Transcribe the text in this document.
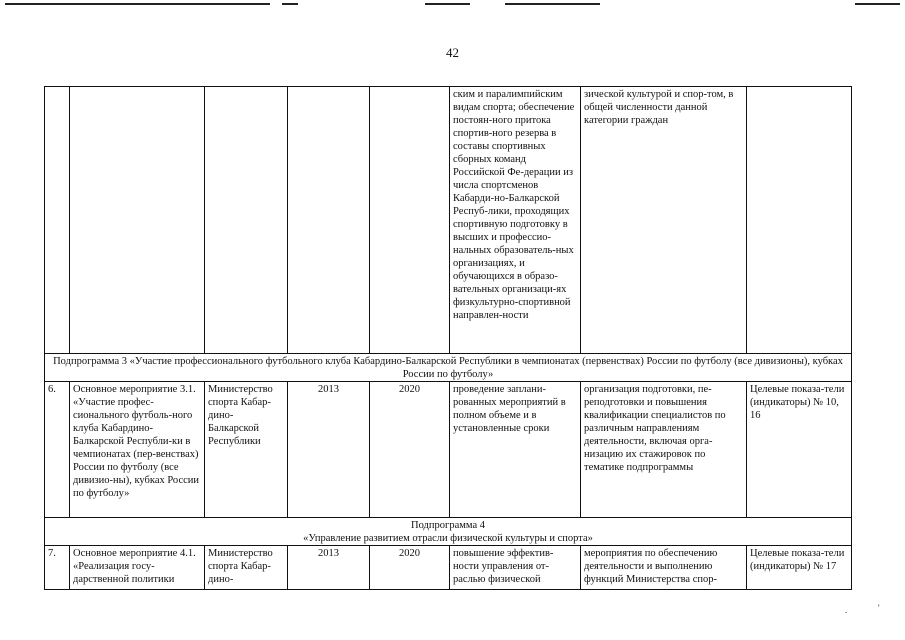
42
					ским и паралимпийским видам спорта; обеспечение постоян-ного притока спортив-ного резерва в составы спортивных сборных команд Российской Фе-дерации из числа спортсменов Кабарди-но-Балкарской Респуб-лики, проходящих спортивную подготовку в высших и профессио-нальных образователь-ных организациях, и обучающихся в образо-вательных организаци-ях физкультурно-спортивной направлен-ности	зической культурой и спор-том, в общей численности данной категории граждан	
Подпрограмма 3 «Участие профессионального футбольного клуба Кабардино-Балкарской Республики в чемпионатах (первенствах) России по футболу (все дивизионы), кубках России по футболу»							
6.	Основное мероприятие 3.1. «Участие профес-сионального футболь-ного клуба Кабардино-Балкарской Республи-ки в чемпионатах (пер-венствах) России по футболу (все дивизио-ны), кубках России по футболу»	Министерство спорта Кабар-дино-Балкарской Республики	2013	2020	проведение заплани-рованных мероприятий в полном объеме и в установленные сроки	организация подготовки, пе-реподготовки и повышения квалификации специалистов по различным направлениям деятельности, включая орга-низацию их стажировок по тематике подпрограммы	Целевые показа-тели (индикаторы) № 10, 16

Подпрограмма 4
«Управление развитием отрасли физической культуры и спорта»							

7.	Основное мероприятие 4.1. «Реализация госу-дарственной политики	Министерство спорта Кабар-дино-	2013	2020	повышение эффектив-ности управления от-раслью физической	мероприятия по обеспечению деятельности и выполнению функций Министерства спор-	Целевые показа-тели (индикаторы) № 17
.	'
